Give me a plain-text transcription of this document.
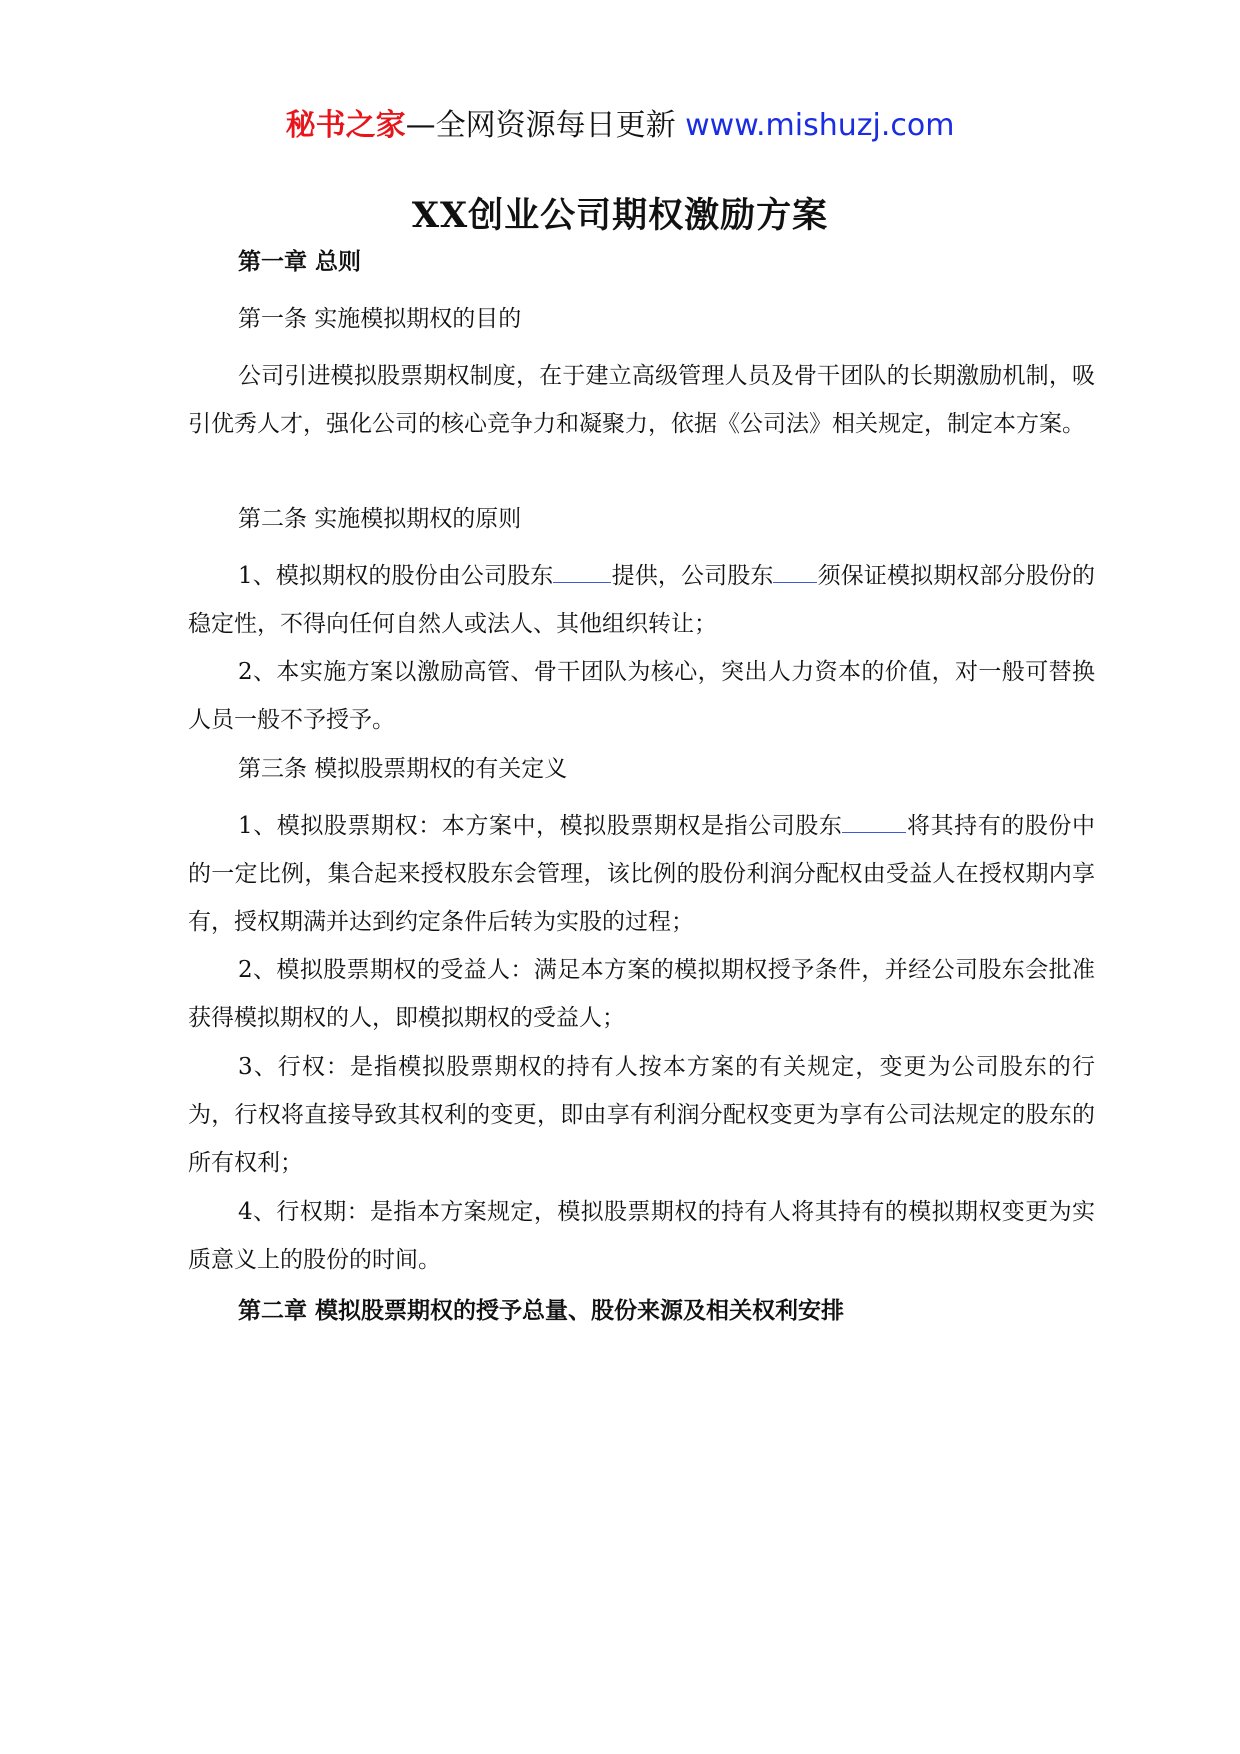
秘书之家—全网资源每日更新 www.mishuzj.com
XX创业公司期权激励方案

第一章 总则

第一条 实施模拟期权的目的

公司引进模拟股票期权制度，在于建立高级管理人员及骨干团队的长期激励机制，吸引优秀人才，强化公司的核心竞争力和凝聚力，依据《公司法》相关规定，制定本方案。

第二条 实施模拟期权的原则

1、模拟期权的股份由公司股东	提供，公司股东 须保证模拟期权部分股份的稳定性，不得向任何自然人或法人、其他组织转让；

2、本实施方案以激励高管、骨干团队为核心，突出人力资本的价值，对一般可替换人员一般不予授予。

第三条 模拟股票期权的有关定义

1、模拟股票期权：本方案中，模拟股票期权是指公司股东	将其持有的股份中的一定比例，集合起来授权股东会管理，该比例的股份利润分配权由受益人在授权期内享有，授权期满并达到约定条件后转为实股的过程；

2、模拟股票期权的受益人：满足本方案的模拟期权授予条件，并经公司股东会批准获得模拟期权的人，即模拟期权的受益人；

3、行权：是指模拟股票期权的持有人按本方案的有关规定，变更为公司股东的行为，行权将直接导致其权利的变更，即由享有利润分配权变更为享有公司法规定的股东的所有权利；

4、行权期：是指本方案规定，模拟股票期权的持有人将其持有的模拟期权变更为实质意义上的股份的时间。

第二章 模拟股票期权的授予总量、股份来源及相关权利安排
